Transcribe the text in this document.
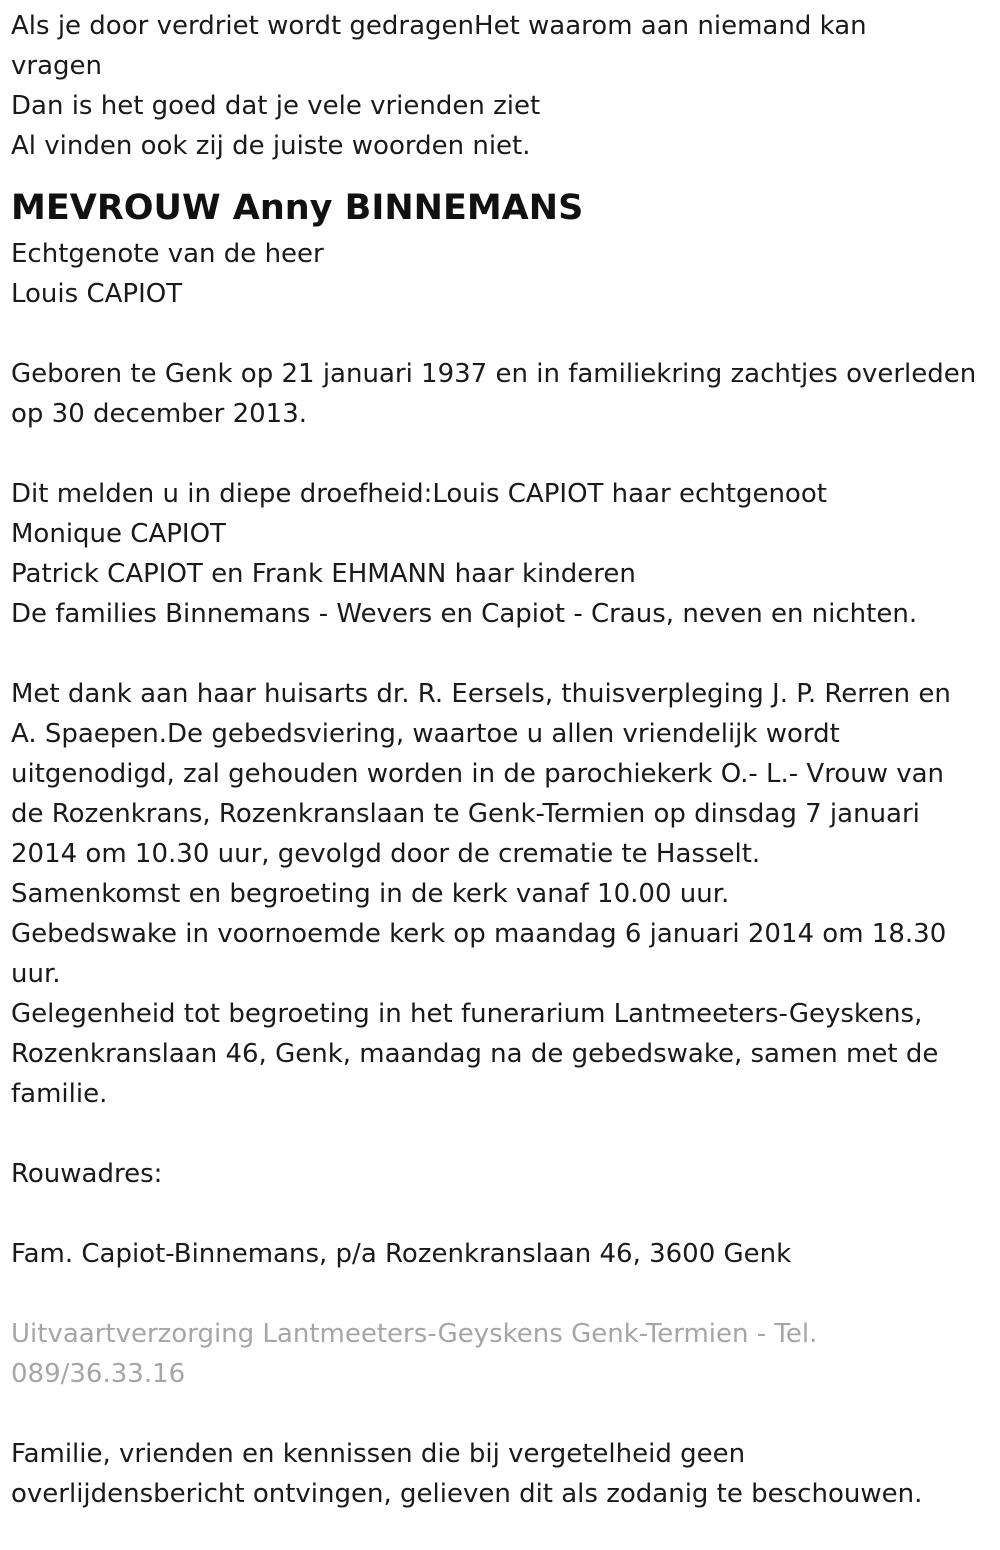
Als je door verdriet wordt gedragenHet waarom aan niemand kan
vragen
Dan is het goed dat je vele vrienden ziet
Al vinden ook zij de juiste woorden niet.
MEVROUW Anny BINNEMANS
Echtgenote van de heer
Louis CAPIOT
Geboren te Genk op 21 januari 1937 en in familiekring zachtjes overleden
op 30 december 2013.
Dit melden u in diepe droefheid:Louis CAPIOT haar echtgenoot
Monique CAPIOT
Patrick CAPIOT en Frank EHMANN haar kinderen
De families Binnemans - Wevers en Capiot - Craus, neven en nichten.
Met dank aan haar huisarts dr. R. Eersels, thuisverpleging J. P. Rerren en
A. Spaepen.De gebedsviering, waartoe u allen vriendelijk wordt
uitgenodigd, zal gehouden worden in de parochiekerk O.- L.- Vrouw van
de Rozenkrans, Rozenkranslaan te Genk-Termien op dinsdag 7 januari
2014 om 10.30 uur, gevolgd door de crematie te Hasselt.
Samenkomst en begroeting in de kerk vanaf 10.00 uur.
Gebedswake in voornoemde kerk op maandag 6 januari 2014 om 18.30
uur.
Gelegenheid tot begroeting in het funerarium Lantmeeters-Geyskens,
Rozenkranslaan 46, Genk, maandag na de gebedswake, samen met de
familie.
Rouwadres:
Fam. Capiot-Binnemans, p/a Rozenkranslaan 46, 3600 Genk
Uitvaartverzorging Lantmeeters-Geyskens Genk-Termien - Tel.
089/36.33.16
Familie, vrienden en kennissen die bij vergetelheid geen
overlijdensbericht ontvingen, gelieven dit als zodanig te beschouwen.
